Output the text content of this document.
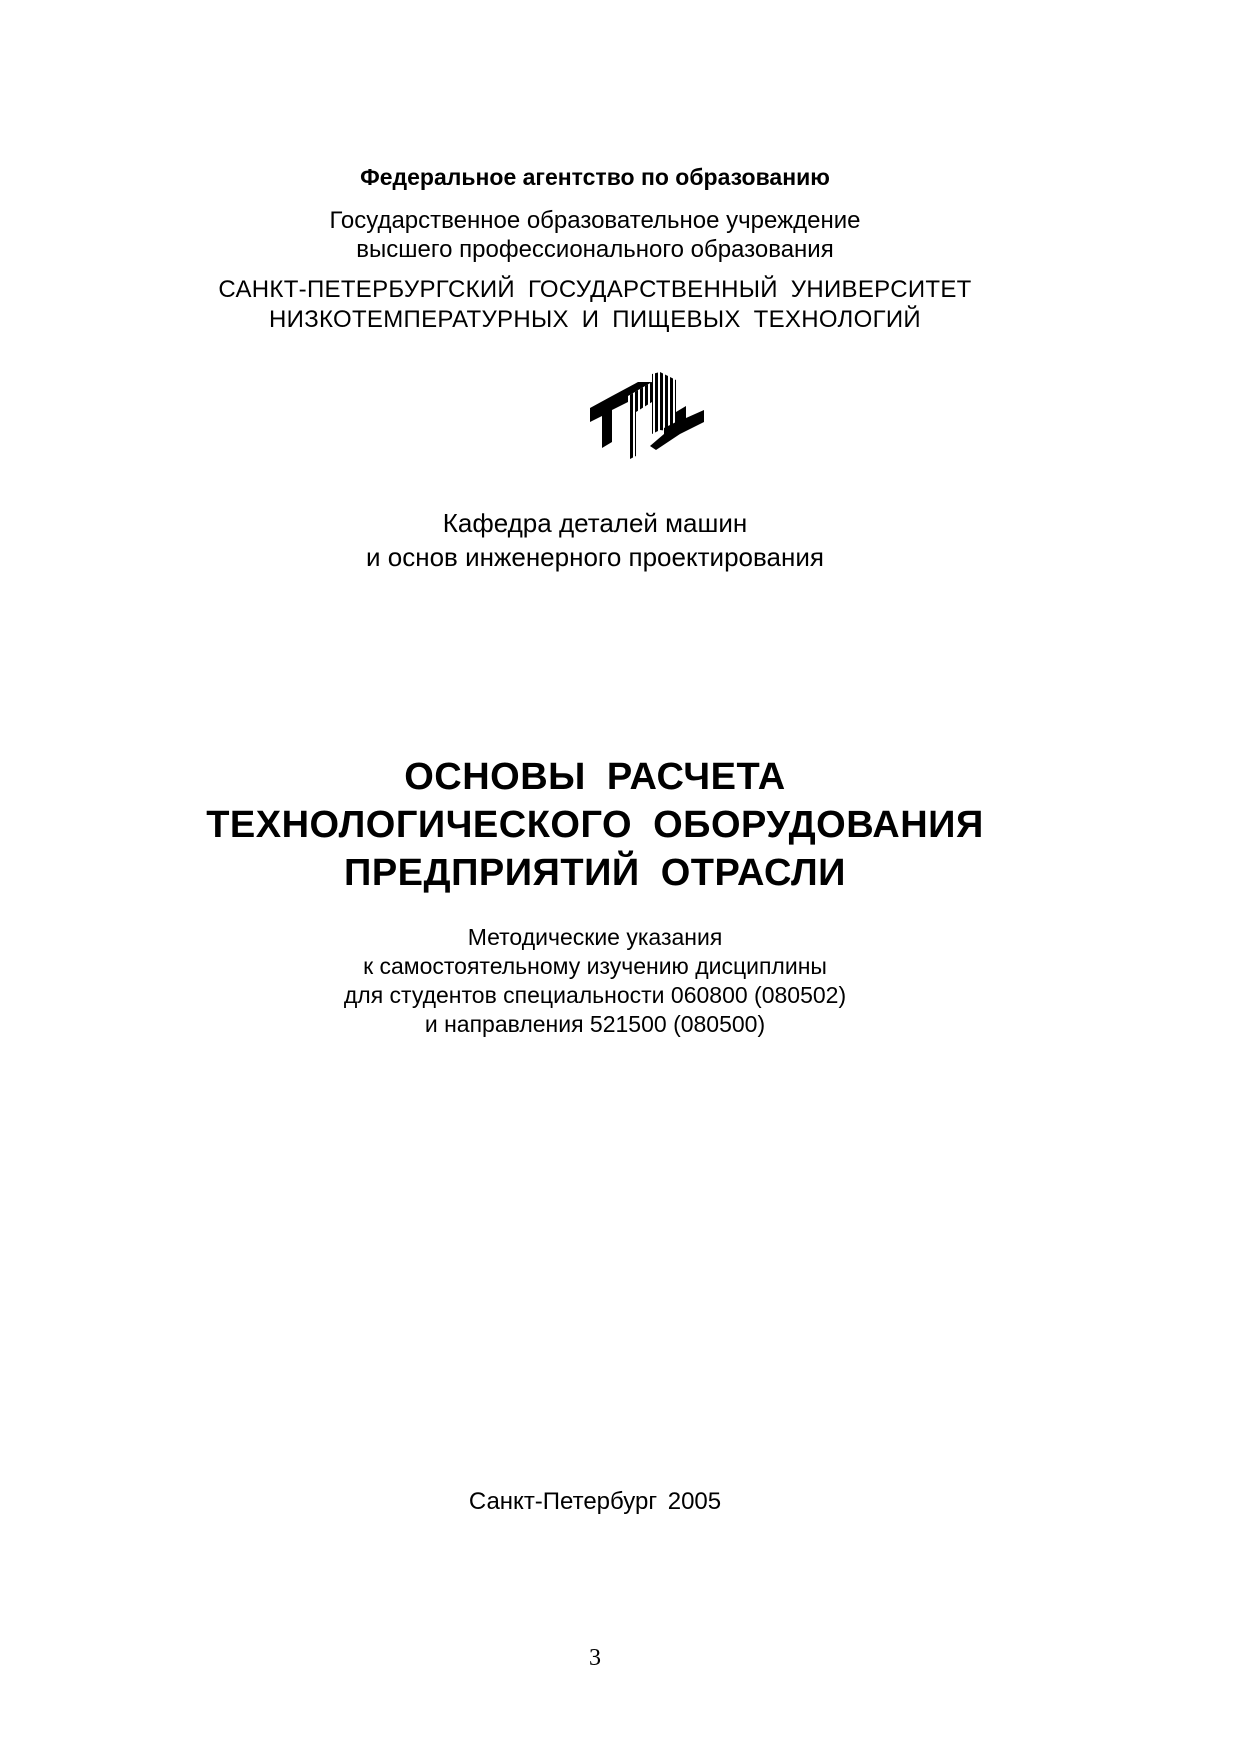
Федеральное агентство по образованию
Государственное образовательное учреждение
высшего профессионального образования
САНКТ-ПЕТЕРБУРГСКИЙ ГОСУДАРСТВЕННЫЙ УНИВЕРСИТЕТ
НИЗКОТЕМПЕРАТУРНЫХ И ПИЩЕВЫХ ТЕХНОЛОГИЙ
Кафедра деталей машин
и основ инженерного проектирования
ОСНОВЫ РАСЧЕТА
ТЕХНОЛОГИЧЕСКОГО ОБОРУДОВАНИЯ
ПРЕДПРИЯТИЙ ОТРАСЛИ
Методические указания
к самостоятельному изучению дисциплины
для студентов специальности 060800 (080502)
и направления 521500 (080500)
Санкт-Петербург 2005
3
